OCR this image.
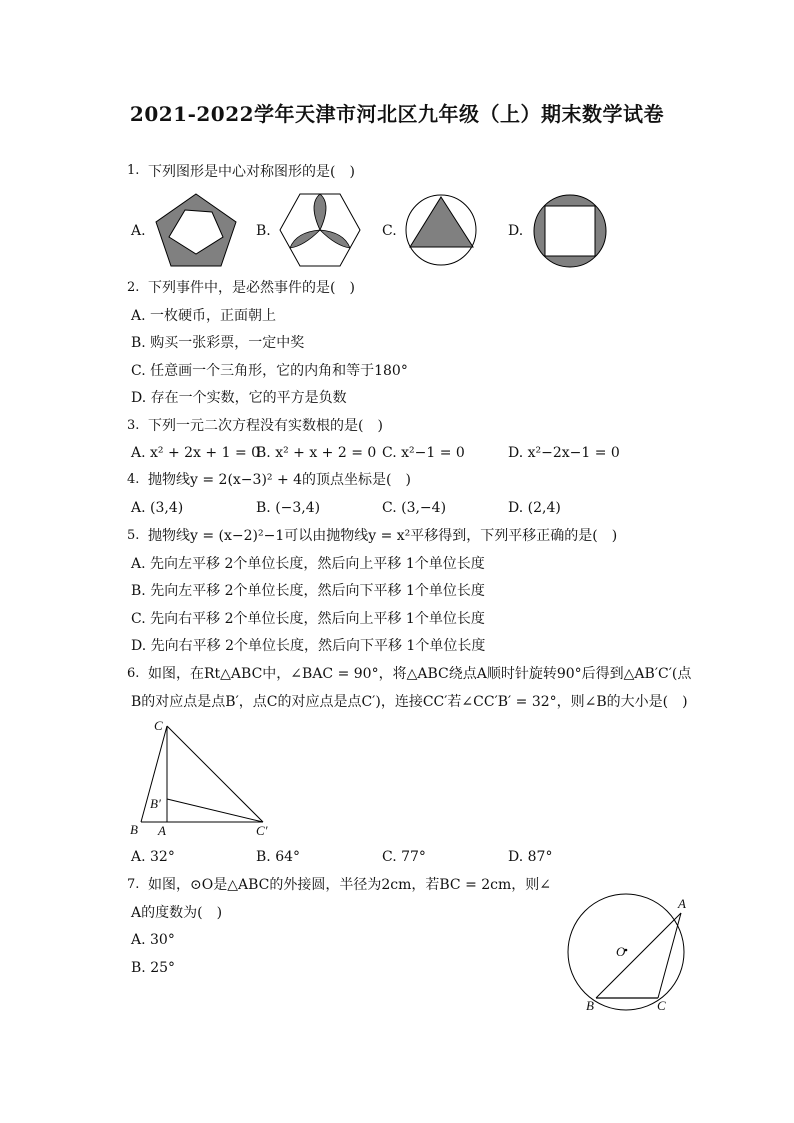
2021-2022学年天津市河北区九年级（上）期末数学试卷
1. 下列图形是中心对称图形的是(　)
A.	B.	C.	D.
2. 下列事件中，是必然事件的是(　)
A. 一枚硬币，正面朝上
B. 购买一张彩票，一定中奖
C. 任意画一个三角形，它的内角和等于180°
D. 存在一个实数，它的平方是负数
3. 下列一元二次方程没有实数根的是(　)
A. x² + 2x + 1 = 0
B. x² + x + 2 = 0 C. x²−1 = 0	D. x²−2x−1 = 0
4. 抛物线y = 2(x−3)² + 4的顶点坐标是(　)
A. (3,4)	B. (−3,4)	C. (3,−4)	D. (2,4)
5. 抛物线y = (x−2)²−1可以由抛物线y = x²平移得到，下列平移正确的是(　)
A. 先向左平移 2个单位长度，然后向上平移 1个单位长度
B. 先向左平移 2个单位长度，然后向下平移 1个单位长度
C. 先向右平移 2个单位长度，然后向上平移 1个单位长度
D. 先向右平移 2个单位长度，然后向下平移 1个单位长度
6. 如图，在Rt△ABC中，∠BAC = 90°，将△ABC绕点A顺时针旋转90°后得到△AB′C′(点
B的对应点是点B′，点C的对应点是点C′)，连接CC′若∠CC′B′ = 32°，则∠B的大小是(　)
C
B′
B A	C′
A. 32°	B. 64°	C. 77°	D. 87°
7. 如图，⊙O是△ABC的外接圆，半径为2cm，若BC = 2cm，则∠
A的度数为(　)
A. 30°
B. 25°
A
O
B	C
